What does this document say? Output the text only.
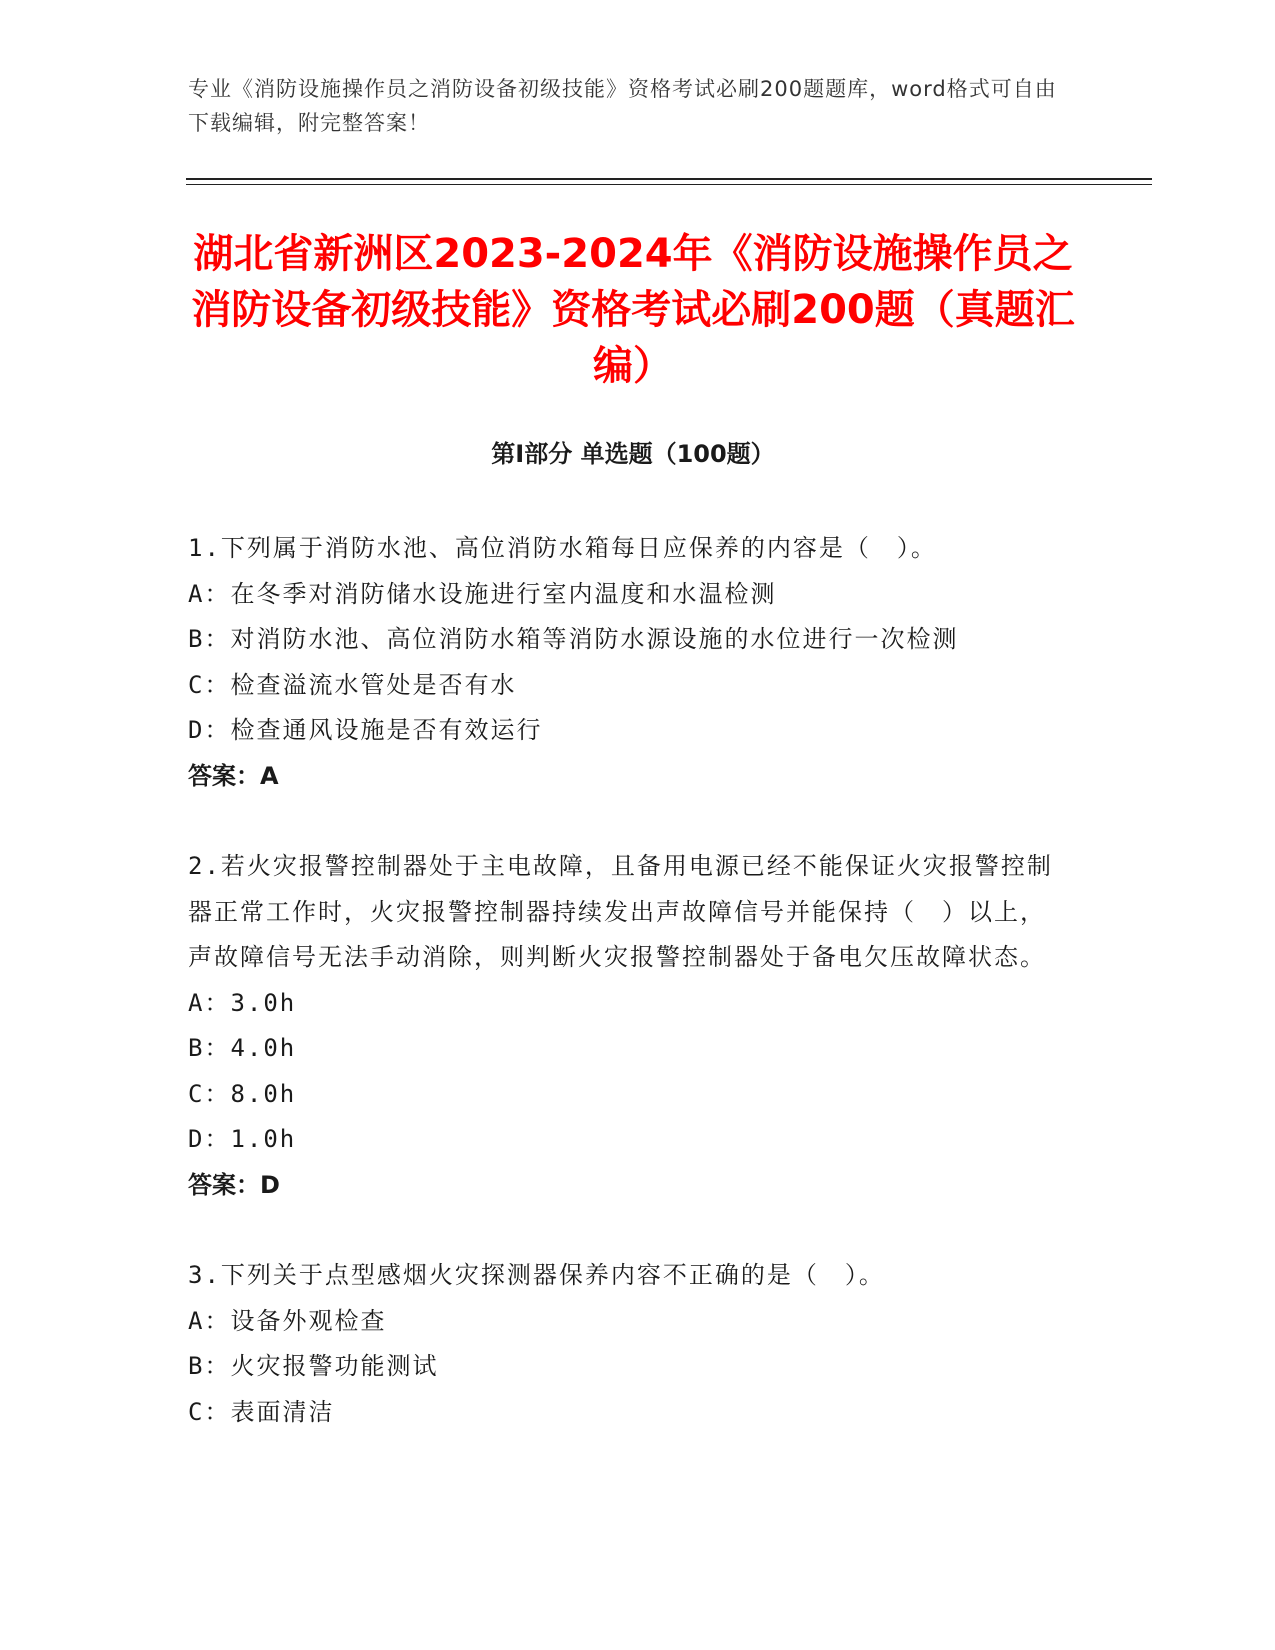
专业《消防设施操作员之消防设备初级技能》资格考试必刷200题题库，word格式可自由下载编辑，附完整答案！
湖北省新洲区2023-2024年《消防设施操作员之消防设备初级技能》资格考试必刷200题（真题汇编）
第Ⅰ部分 单选题（100题）

1.下列属于消防水池、高位消防水箱每日应保养的内容是（　）。

A：在冬季对消防储水设施进行室内温度和水温检测

B：对消防水池、高位消防水箱等消防水源设施的水位进行一次检测

C：检查溢流水管处是否有水

D：检查通风设施是否有效运行

答案：A

2.若火灾报警控制器处于主电故障，且备用电源已经不能保证火灾报警控制器正常工作时，火灾报警控制器持续发出声故障信号并能保持（　）以上，声故障信号无法手动消除，则判断火灾报警控制器处于备电欠压故障状态。

A：3.0h

B：4.0h

C：8.0h

D：1.0h

答案：D

3.下列关于点型感烟火灾探测器保养内容不正确的是（　）。

A：设备外观检查

B：火灾报警功能测试

C：表面清洁
